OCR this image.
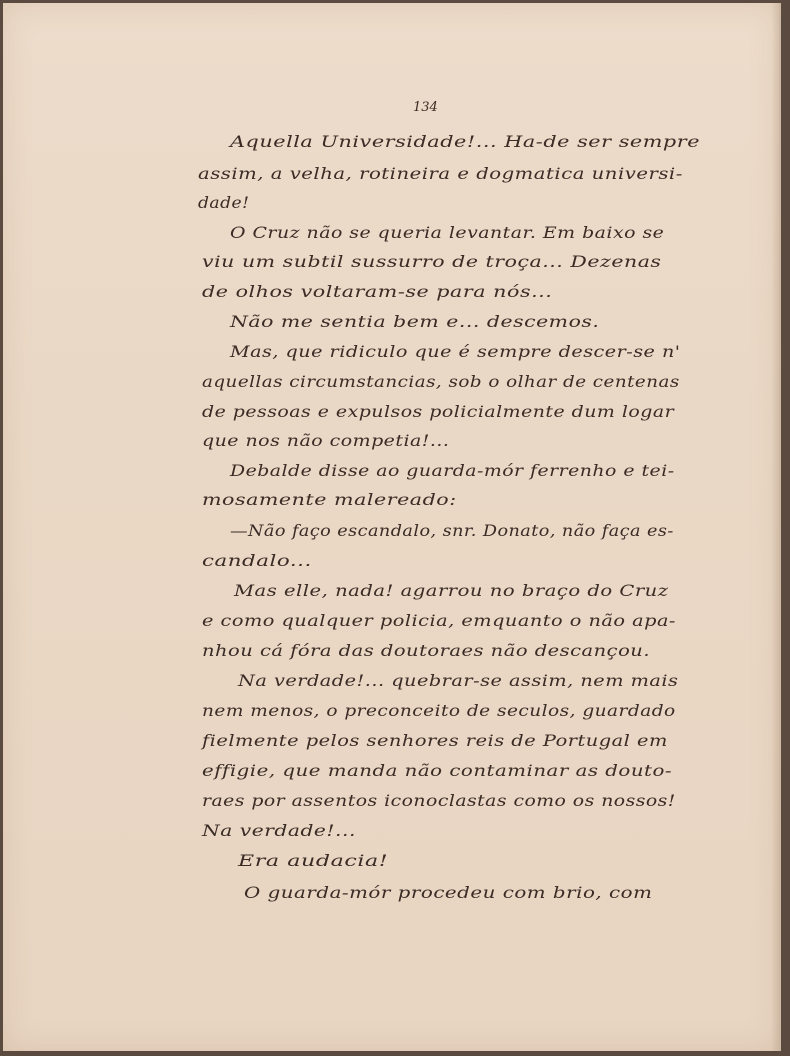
134
Aquella Universidade!... Ha-de ser sempre
assim, a velha, rotineira e dogmatica universi-
dade!
O Cruz não se queria levantar. Em baixo se
viu um subtil sussurro de troça... Dezenas
de olhos voltaram-se para nós...
Não me sentia bem e... descemos.
Mas, que ridiculo que é sempre descer-se n'
aquellas circumstancias, sob o olhar de centenas
de pessoas e expulsos policialmente dum logar
que nos não competia!...
Debalde disse ao guarda-mór ferrenho e tei-
mosamente malereado:
—Não faço escandalo, snr. Donato, não faça es-
candalo...
Mas elle, nada! agarrou no braço do Cruz
e como qualquer policia, emquanto o não apa-
nhou cá fóra das doutoraes não descançou.
Na verdade!... quebrar-se assim, nem mais
nem menos, o preconceito de seculos, guardado
fielmente pelos senhores reis de Portugal em
effigie, que manda não contaminar as douto-
raes por assentos iconoclastas como os nossos!
Na verdade!...
Era audacia!
O guarda-mór procedeu com brio, com
